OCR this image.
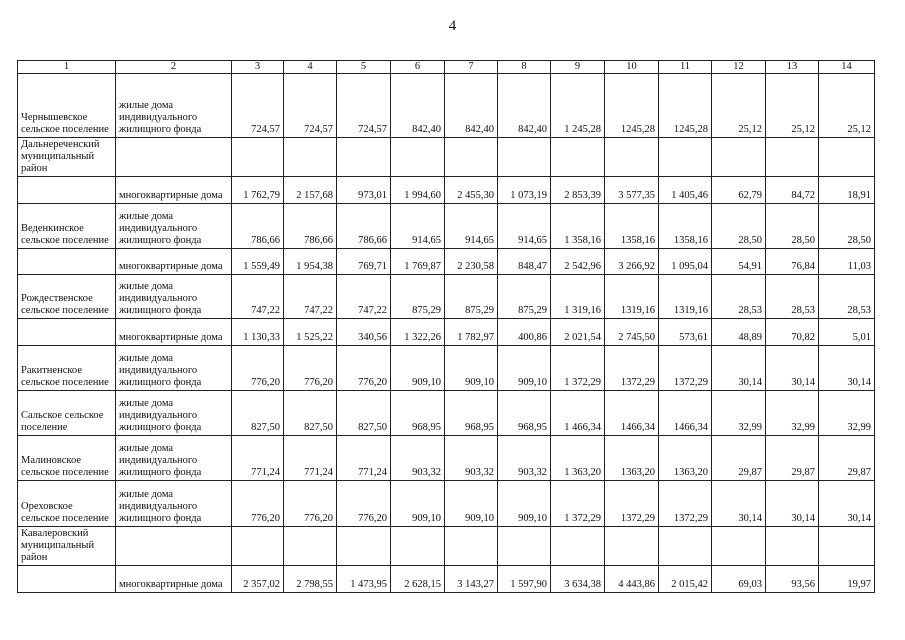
4
1	2	3	4	5	6	7	8	9	10	11	12	13	14
Чернышевское сельское поселение	жилые дома индивидуального жилищного фонда	724,57	724,57	724,57	842,40	842,40	842,40	1 245,28	1245,28	1245,28	25,12	25,12	25,12
Дальнереченский муниципальный район													
	многоквартирные дома	1 762,79	2 157,68	973,01	1 994,60	2 455,30	1 073,19	2 853,39	3 577,35	1 405,46	62,79	84,72	18,91
Веденкинское сельское поселение	жилые дома индивидуального жилищного фонда	786,66	786,66	786,66	914,65	914,65	914,65	1 358,16	1358,16	1358,16	28,50	28,50	28,50
	многоквартирные дома	1 559,49	1 954,38	769,71	1 769,87	2 230,58	848,47	2 542,96	3 266,92	1 095,04	54,91	76,84	11,03
Рождественское сельское поселение	жилые дома индивидуального жилищного фонда	747,22	747,22	747,22	875,29	875,29	875,29	1 319,16	1319,16	1319,16	28,53	28,53	28,53
	многоквартирные дома	1 130,33	1 525,22	340,56	1 322,26	1 782,97	400,86	2 021,54	2 745,50	573,61	48,89	70,82	5,01
Ракитненское сельское поселение	жилые дома индивидуального жилищного фонда	776,20	776,20	776,20	909,10	909,10	909,10	1 372,29	1372,29	1372,29	30,14	30,14	30,14
Сальское сельское поселение	жилые дома индивидуального жилищного фонда	827,50	827,50	827,50	968,95	968,95	968,95	1 466,34	1466,34	1466,34	32,99	32,99	32,99
Малиновское сельское поселение	жилые дома индивидуального жилищного фонда	771,24	771,24	771,24	903,32	903,32	903,32	1 363,20	1363,20	1363,20	29,87	29,87	29,87
Ореховское сельское поселение	жилые дома индивидуального жилищного фонда	776,20	776,20	776,20	909,10	909,10	909,10	1 372,29	1372,29	1372,29	30,14	30,14	30,14
Кавалеровский муниципальный район													
	многоквартирные дома	2 357,02	2 798,55	1 473,95	2 628,15	3 143,27	1 597,90	3 634,38	4 443,86	2 015,42	69,03	93,56	19,97
